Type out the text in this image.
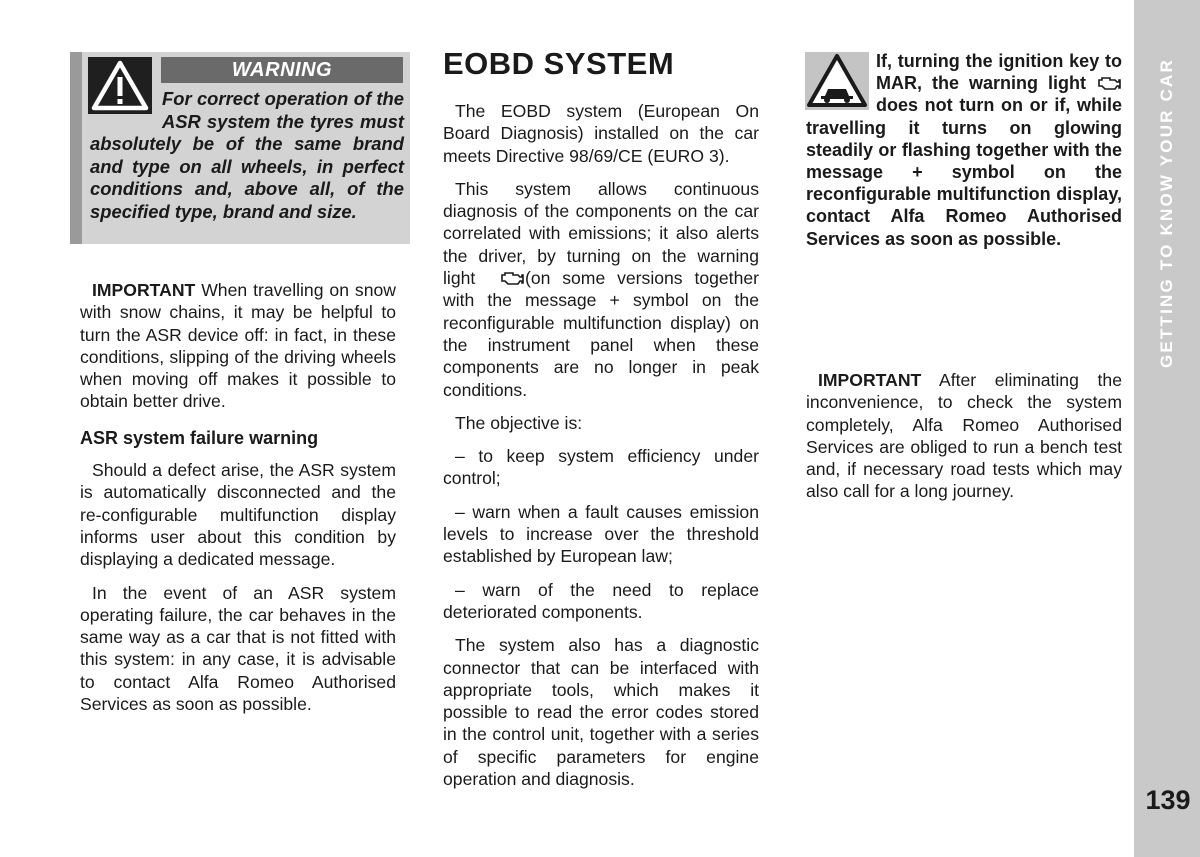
GETTING TO KNOW YOUR CAR
139
WARNING
For correct operation of the ASR system the tyres must absolutely be of the same brand and type on all wheels, in perfect conditions and, above all, of the specified type, brand and size.

IMPORTANT When travelling on snow with snow chains, it may be helpful to turn the ASR device off: in fact, in these conditions, slipping of the driving wheels when moving off makes it possible to obtain better drive.

ASR system failure warning

Should a defect arise, the ASR system is automatically disconnected and the re-configurable multifunction display informs user about this condition by displaying a dedicated message.

In the event of an ASR system operating failure, the car behaves in the same way as a car that is not fitted with this system: in any case, it is advisable to contact Alfa Romeo Authorised Services as soon as possible.

EOBD SYSTEM

The EOBD system (European On Board Diagnosis) installed on the car meets Directive 98/69/CE (EURO 3).

This system allows continuous diagnosis of the components on the car correlated with emissions; it also alerts the driver, by turning on the warning light  (on some versions together with the message + symbol on the reconfigurable multifunction display) on the instrument panel when these components are no longer in peak conditions.

The objective is:

– to keep system efficiency under control;

– warn when a fault causes emission levels to increase over the threshold established by European law;

– warn of the need to replace deteriorated components.

The system also has a diagnostic connector that can be interfaced with appropriate tools, which makes it possible to read the error codes stored in the control unit, together with a series of specific parameters for engine operation and diagnosis.

If, turning the ignition key to MAR, the warning light  does not turn on or if, while travelling it turns on glowing steadily or flashing together with the message + symbol on the reconfigurable multifunction display, contact Alfa Romeo Authorised Services as soon as possible.

IMPORTANT After eliminating the inconvenience, to check the system completely, Alfa Romeo Authorised Services are obliged to run a bench test and, if necessary road tests which may also call for a long journey.
